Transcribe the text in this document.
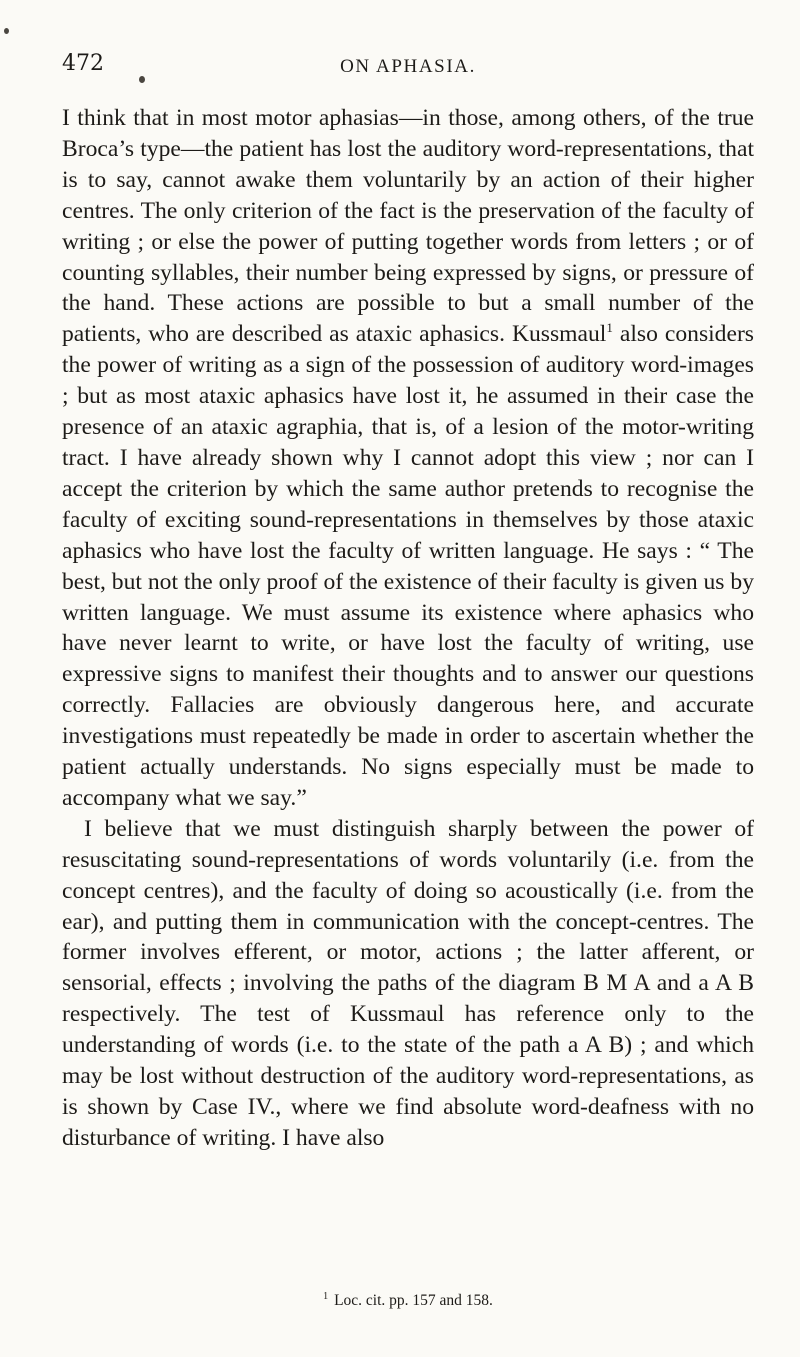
472	ON APHASIA.

I think that in most motor aphasias—in those, among others, of the true Broca’s type—the patient has lost the auditory word-representations, that is to say, cannot awake them voluntarily by an action of their higher centres. The only criterion of the fact is the preservation of the faculty of writing ; or else the power of putting together words from letters ; or of counting syllables, their number being expressed by signs, or pressure of the hand. These actions are possible to but a small number of the patients, who are described as ataxic aphasics. Kussmaul$^1$ also considers the power of writing as a sign of the possession of auditory word-images ; but as most ataxic aphasics have lost it, he assumed in their case the presence of an ataxic agraphia, that is, of a lesion of the motor-writing tract. I have already shown why I cannot adopt this view ; nor can I accept the criterion by which the same author pretends to recognise the faculty of exciting sound-representations in themselves by those ataxic aphasics who have lost the faculty of written language. He says : “ The best, but not the only proof of the existence of their faculty is given us by written language. We must assume its existence where aphasics who have never learnt to write, or have lost the faculty of writing, use expressive signs to manifest their thoughts and to answer our questions correctly. Fallacies are obviously dangerous here, and accurate investigations must repeatedly be made in order to ascertain whether the patient actually understands. No signs especially must be made to accompany what we say.”

I believe that we must distinguish sharply between the power of resuscitating sound-representations of words voluntarily (i.e. from the concept centres), and the faculty of doing so acoustically (i.e. from the ear), and putting them in communication with the concept-centres. The former involves efferent, or motor, actions ; the latter afferent, or sensorial, effects ; involving the paths of the diagram B M A and a A B respectively. The test of Kussmaul has reference only to the understanding of words (i.e. to the state of the path a A B) ; and which may be lost without destruction of the auditory word-representations, as is shown by Case IV., where we find absolute word-deafness with no disturbance of writing. I have also

$^1$ Loc. cit. pp. 157 and 158.
